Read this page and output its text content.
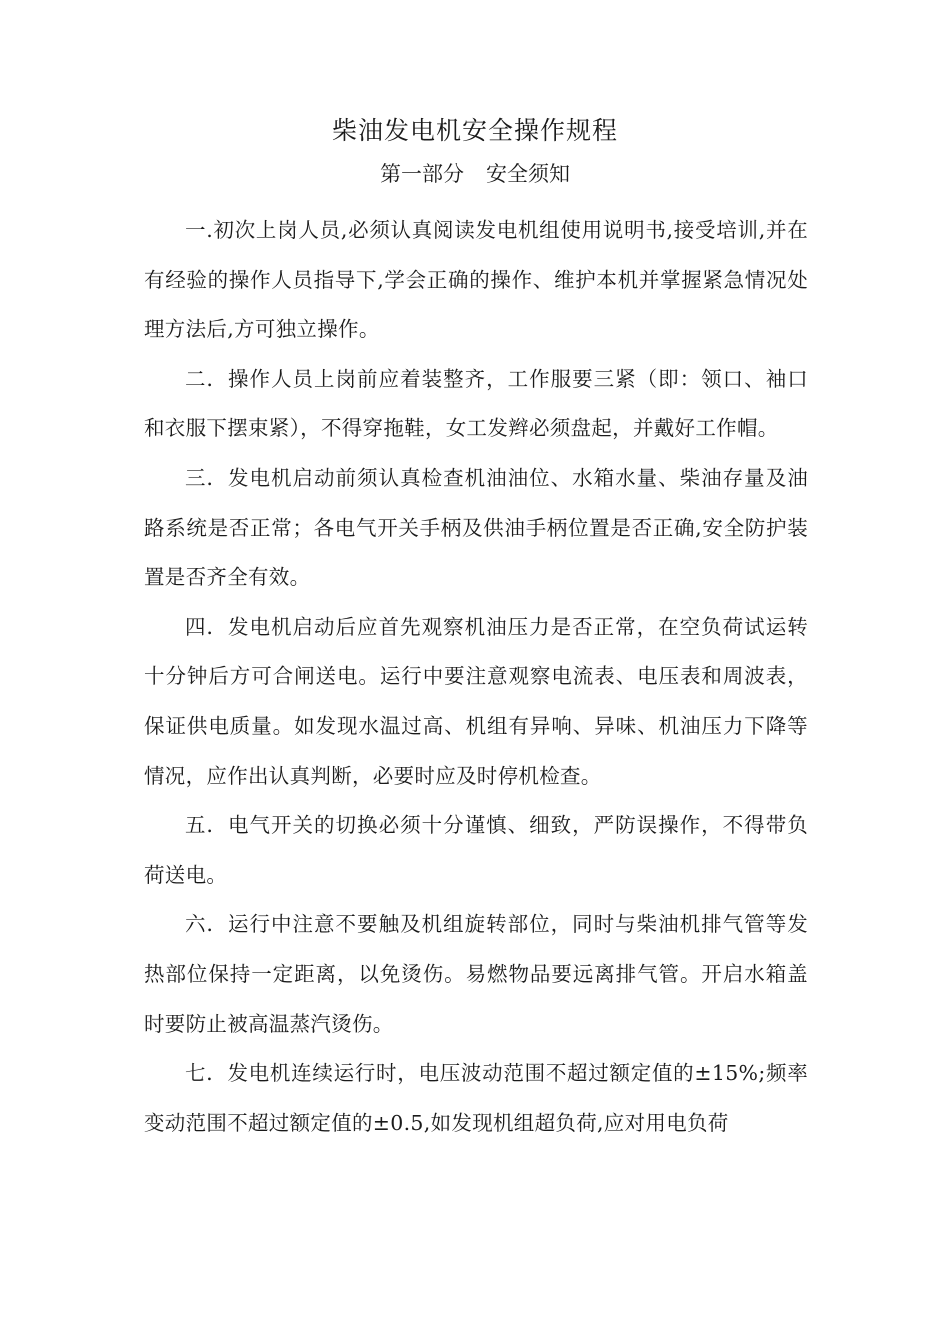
柴油发电机安全操作规程
第一部分 安全须知

一.初次上岗人员,必须认真阅读发电机组使用说明书,接受培训,并在有经验的操作人员指导下,学会正确的操作、维护本机并掌握紧急情况处理方法后,方可独立操作。

二．操作人员上岗前应着装整齐，工作服要三紧（即：领口、袖口和衣服下摆束紧），不得穿拖鞋，女工发辫必须盘起，并戴好工作帽。

三．发电机启动前须认真检查机油油位、水箱水量、柴油存量及油路系统是否正常；各电气开关手柄及供油手柄位置是否正确,安全防护装置是否齐全有效。

四．发电机启动后应首先观察机油压力是否正常，在空负荷试运转十分钟后方可合闸送电。运行中要注意观察电流表、电压表和周波表，保证供电质量。如发现水温过高、机组有异响、异味、机油压力下降等情况，应作出认真判断，必要时应及时停机检查。

五．电气开关的切换必须十分谨慎、细致，严防误操作，不得带负荷送电。

六．运行中注意不要触及机组旋转部位，同时与柴油机排气管等发热部位保持一定距离，以免烫伤。易燃物品要远离排气管。开启水箱盖时要防止被高温蒸汽烫伤。

七．发电机连续运行时，电压波动范围不超过额定值的±15%;频率变动范围不超过额定值的±0.5,如发现机组超负荷,应对用电负荷
